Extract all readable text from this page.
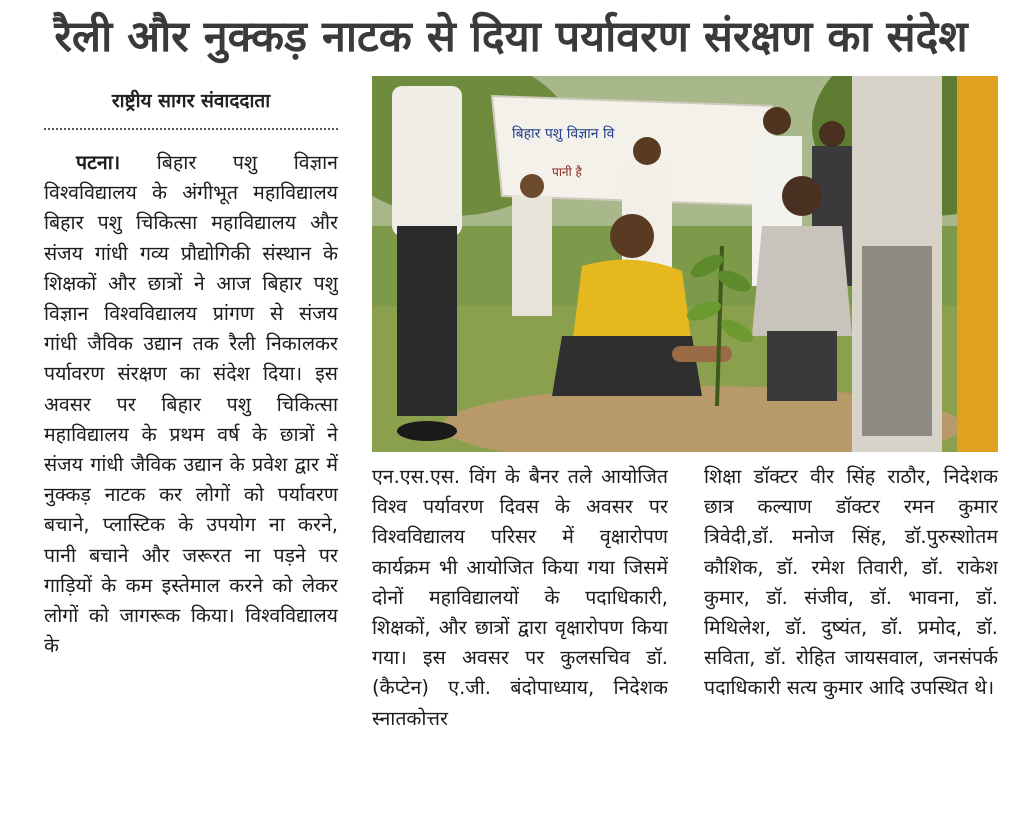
रैली और नुक्कड़ नाटक से दिया पर्यावरण संरक्षण का संदेश
राष्ट्रीय सागर संवाददाता

पटना। बिहार पशु विज्ञान विश्वविद्यालय के अंगीभूत महाविद्यालय बिहार पशु चिकित्सा महाविद्यालय और संजय गांधी गव्य प्रौद्योगिकी संस्थान के शिक्षकों और छात्रों ने आज बिहार पशु विज्ञान विश्वविद्यालय प्रांगण से संजय गांधी जैविक उद्यान तक रैली निकालकर पर्यावरण संरक्षण का संदेश दिया। इस अवसर पर बिहार पशु चिकित्सा महाविद्यालय के प्रथम वर्ष के छात्रों ने संजय गांधी जैविक उद्यान के प्रवेश द्वार में नुक्कड़ नाटक कर लोगों को पर्यावरण बचाने, प्लास्टिक के उपयोग ना करने, पानी बचाने और जरूरत ना पड़ने पर गाड़ियों के कम इस्तेमाल करने को लेकर लोगों को जागरूक किया। विश्वविद्यालय के

बिहार पशु विज्ञान वि
पानी है

एन.एस.एस. विंग के बैनर तले आयोजित विश्व पर्यावरण दिवस के अवसर पर विश्वविद्यालय परिसर में वृक्षारोपण कार्यक्रम भी आयोजित किया गया जिसमें दोनों महाविद्यालयों के पदाधिकारी, शिक्षकों, और छात्रों द्वारा वृक्षारोपण किया गया। इस अवसर पर कुलसचिव डॉ. (कैप्टेन) ए.जी. बंदोपाध्याय, निदेशक स्नातकोत्तर

शिक्षा डॉक्टर वीर सिंह राठौर, निदेशक छात्र कल्याण डॉक्टर रमन कुमार त्रिवेदी,डॉ. मनोज सिंह, डॉ.पुरुस्शोतम कौशिक, डॉ. रमेश तिवारी, डॉ. राकेश कुमार, डॉ. संजीव, डॉ. भावना, डॉ. मिथिलेश, डॉ. दुष्यंत, डॉ. प्रमोद, डॉ. सविता, डॉ. रोहित जायसवाल, जनसंपर्क पदाधिकारी सत्य कुमार आदि उपस्थित थे।
